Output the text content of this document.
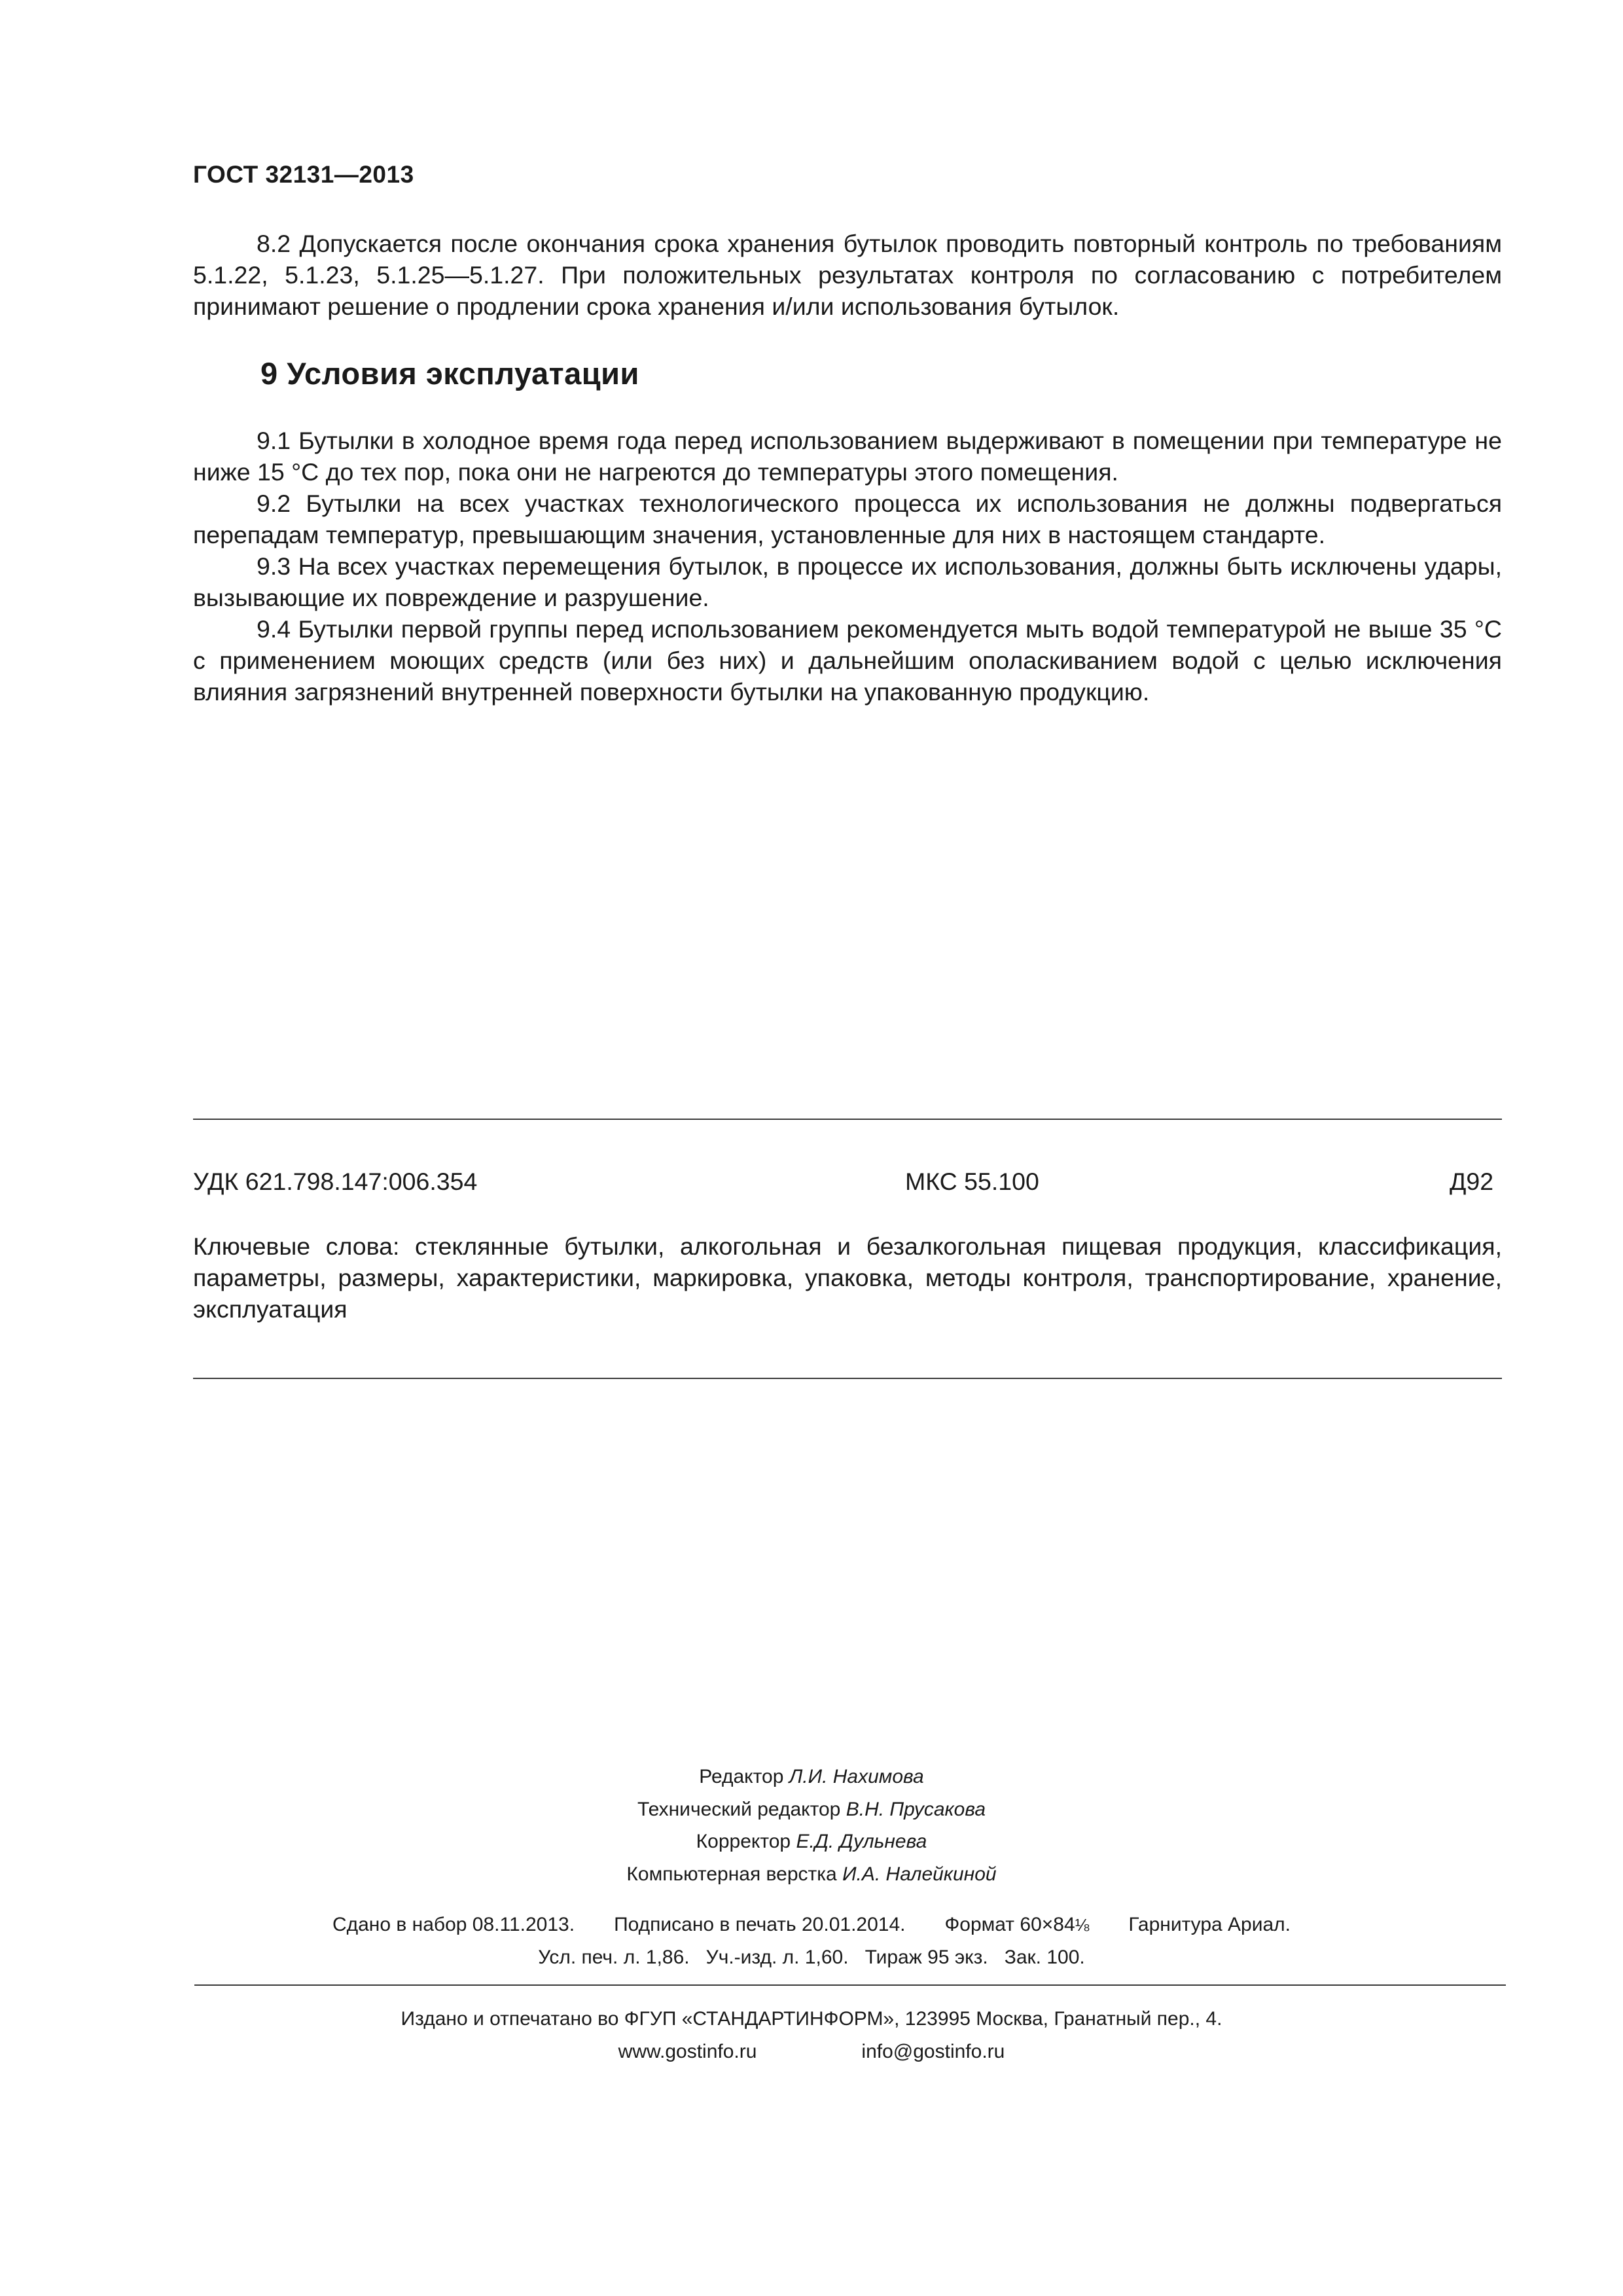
ГОСТ 32131—2013

8.2 Допускается после окончания срока хранения бутылок проводить повторный контроль по требованиям 5.1.22, 5.1.23, 5.1.25—5.1.27. При положительных результатах контроля по согласованию с потребителем принимают решение о продлении срока хранения и/или использования бутылок.

9 Условия эксплуатации

9.1 Бутылки в холодное время года перед использованием выдерживают в помещении при температуре не ниже 15 °С до тех пор, пока они не нагреются до температуры этого помещения.

9.2 Бутылки на всех участках технологического процесса их использования не должны подвергаться перепадам температур, превышающим значения, установленные для них в настоящем стандарте.

9.3 На всех участках перемещения бутылок, в процессе их использования, должны быть исключены удары, вызывающие их повреждение и разрушение.

9.4 Бутылки первой группы перед использованием рекомендуется мыть водой температурой не выше 35 °С с применением моющих средств (или без них) и дальнейшим ополаскиванием водой с целью исключения влияния загрязнений внутренней поверхности бутылки на упакованную продукцию.

УДК 621.798.147:006.354	МКС 55.100	Д92

Ключевые слова: стеклянные бутылки, алкогольная и безалкогольная пищевая продукция, классификация, параметры, размеры, характеристики, маркировка, упаковка, методы контроля, транспортирование, хранение, эксплуатация

Редактор Л.И. Нахимова
Технический редактор В.Н. Прусакова
Корректор Е.Д. Дульнева
Компьютерная верстка И.А. Налейкиной
Сдано в набор 08.11.2013. Подписано в печать 20.01.2014. Формат 60×84⅛ Гарнитура Ариал.
Усл. печ. л. 1,86. Уч.-изд. л. 1,60. Тираж 95 экз. Зак. 100.
Издано и отпечатано во ФГУП «СТАНДАРТИНФОРМ», 123995 Москва, Гранатный пер., 4.
www.gostinfo.ru	info@gostinfo.ru
